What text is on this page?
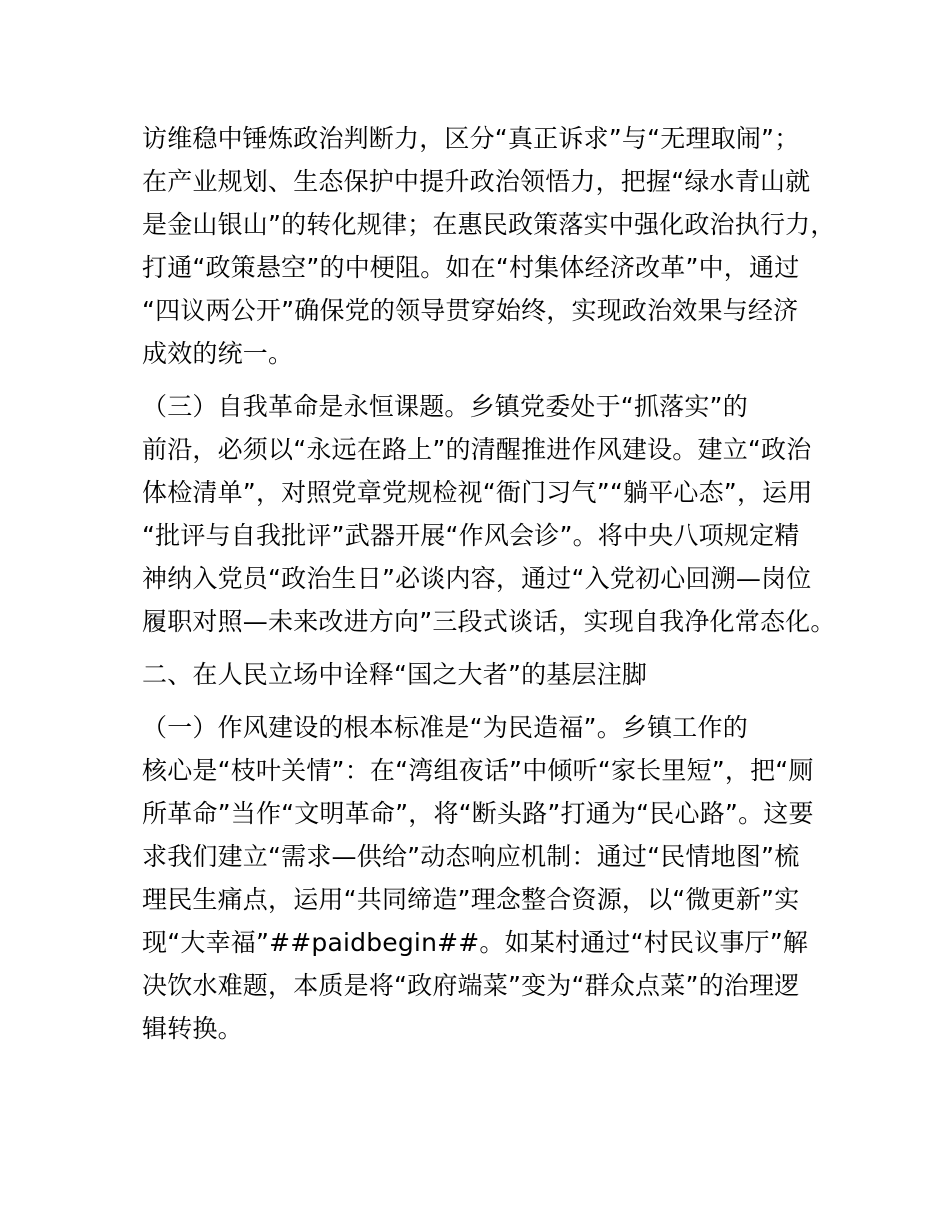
访维稳中锤炼政治判断力，区分“真正诉求”与“无理取闹”；
在产业规划、生态保护中提升政治领悟力，把握“绿水青山就
是金山银山”的转化规律；在惠民政策落实中强化政治执行力，
打通“政策悬空”的中梗阻。如在“村集体经济改革”中，通过
“四议两公开”确保党的领导贯穿始终，实现政治效果与经济
成效的统一。
（三）自我革命是永恒课题。乡镇党委处于“抓落实”的
前沿，必须以“永远在路上”的清醒推进作风建设。建立“政治
体检清单”，对照党章党规检视“衙门习气”“躺平心态”，运用
“批评与自我批评”武器开展“作风会诊”。将中央八项规定精
神纳入党员“政治生日”必谈内容，通过“入党初心回溯—岗位
履职对照—未来改进方向”三段式谈话，实现自我净化常态化。
二、在人民立场中诠释“国之大者”的基层注脚
（一）作风建设的根本标准是“为民造福”。乡镇工作的
核心是“枝叶关情”：在“湾组夜话”中倾听“家长里短”，把“厕
所革命”当作“文明革命”，将“断头路”打通为“民心路”。这要
求我们建立“需求—供给”动态响应机制：通过“民情地图”梳
理民生痛点，运用“共同缔造”理念整合资源，以“微更新”实
现“大幸福”##paidbegin##。如某村通过“村民议事厅”解
决饮水难题，本质是将“政府端菜”变为“群众点菜”的治理逻
辑转换。
